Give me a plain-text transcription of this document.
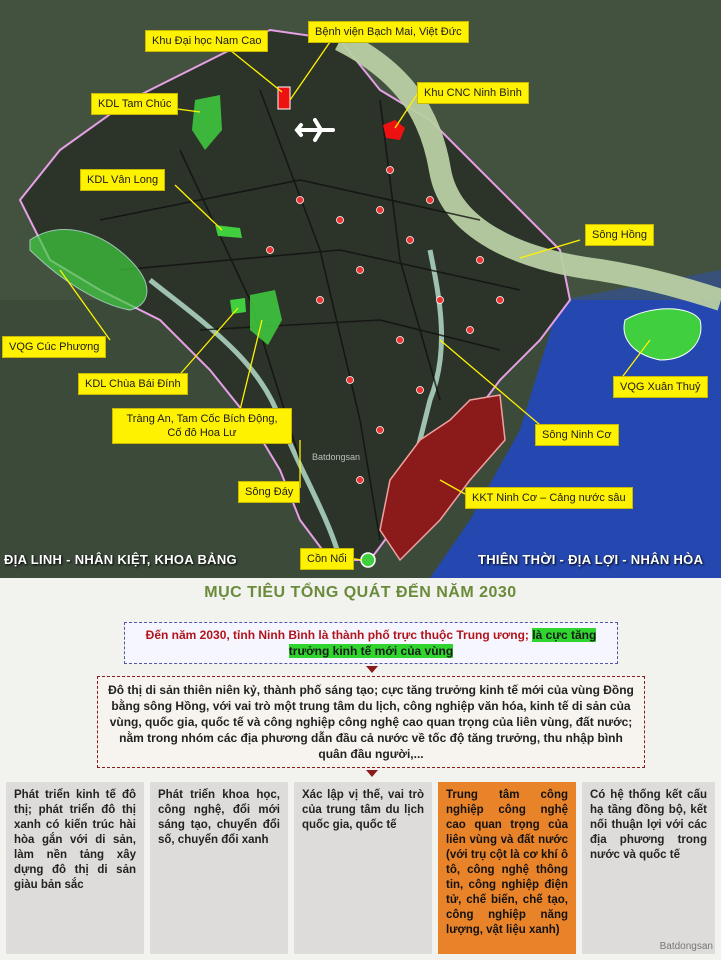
Khu Đại học Nam Cao
Bệnh viện Bạch Mai, Việt Đức
KDL Tam Chúc
Khu CNC Ninh Bình
KDL Vân Long
Sông Hồng
VQG Cúc Phương
KDL Chùa Bái Đính	VQG Xuân Thuỷ
Tràng An, Tam Cốc Bích Động, Cố đô Hoa Lư	Sông Ninh Cơ
Sông Đáy	KKT Ninh Cơ – Cảng nước sâu
Cồn Nổi
Batdongsan
ĐỊA LINH - NHÂN KIỆT, KHOA BẢNG	THIÊN THỜI - ĐỊA LỢI - NHÂN HÒA
MỤC TIÊU TỔNG QUÁT ĐẾN NĂM 2030
Đến năm 2030, tỉnh Ninh Bình là thành phố trực thuộc Trung ương; là cực tăng trưởng kinh tế mới của vùng
Đô thị di sản thiên niên kỷ, thành phố sáng tạo; cực tăng trưởng kinh tế mới của vùng Đồng bằng sông Hồng, với vai trò một trung tâm du lịch, công nghiệp văn hóa, kinh tế di sản của vùng, quốc gia, quốc tế và công nghiệp công nghệ cao quan trọng của liên vùng, đất nước; nằm trong nhóm các địa phương dẫn đầu cả nước về tốc độ tăng trưởng, thu nhập bình quân đầu người,...
Phát triển kinh tế đô thị; phát triển đô thị xanh có kiến trúc hài hòa gắn với di sản, làm nền tảng xây dựng đô thị di sản giàu bản sắc
Phát triển khoa học, công nghệ, đổi mới sáng tạo, chuyển đổi số, chuyển đổi xanh
Xác lập vị thế, vai trò của trung tâm du lịch quốc gia, quốc tế
Trung tâm công nghiệp công nghệ cao quan trọng của liên vùng và đất nước (với trụ cột là cơ khí ô tô, công nghệ thông tin, công nghiệp điện tử, chế biến, chế tạo, công nghiệp năng lượng, vật liệu xanh)
Có hệ thống kết cấu hạ tầng đồng bộ, kết nối thuận lợi với các địa phương trong nước và quốc tế
Batdongsan
